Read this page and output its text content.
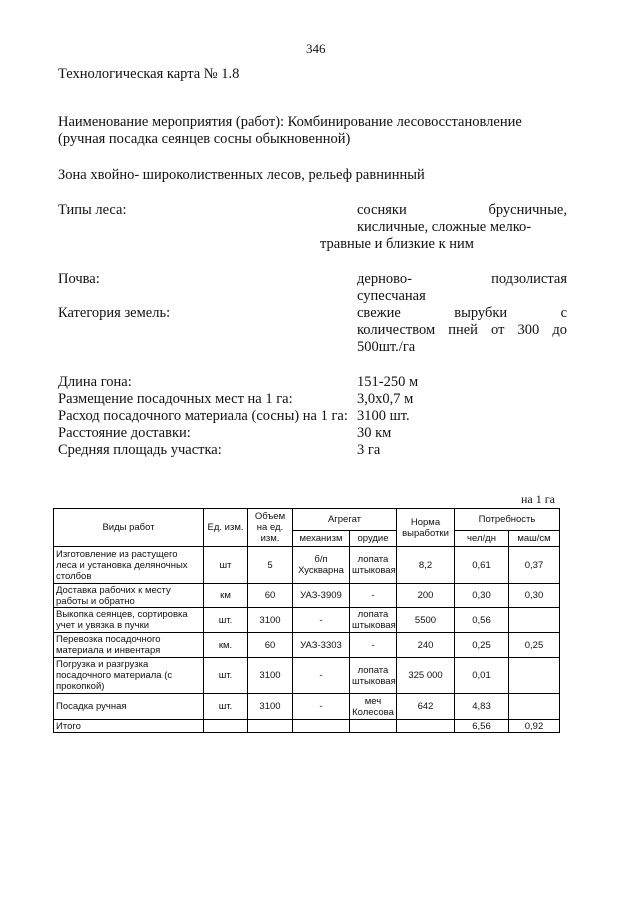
346
Технологическая карта № 1.8
Наименование мероприятия (работ): Комбинирование лесовосстановление
(ручная посадка сеянцев сосны обыкновенной)
Зона хвойно- широколиственных лесов, рельеф равнинный
Типы леса:	сосняки брусничные,
кисличные, сложные мелко-
травные и близкие к ним
Почва:	дерново- подзолистая
супесчаная
Категория земель:	свежие вырубки с
количеством пней от 300 до
500шт./га
Длина гона:	151-250 м
Размещение посадочных мест на 1 га:	3,0х0,7 м
Расход посадочного материала (сосны) на 1 га: 3100 шт.
Расстояние доставки:	30 км
Средняя площадь участка:	3 га
на 1 га
Виды работ	Ед. изм.	Объем на ед. изм.	Агрегат		Норма выработки	Потребность	
			механизм	орудие		чел/дн	маш/см
Изготовление из растущего леса и установка деляночных столбов	шт	5	б/п Хускварна	лопата штыковая	8,2	0,61	0,37
Доставка рабочих к месту работы и обратно	км	60	УАЗ-3909	-	200	0,30	0,30
Выкопка сеянцев, сортировка учет и увязка в пучки	шт.	3100	-	лопата штыковая	5500	0,56	
Перевозка посадочного материала и инвентаря	км.	60	УАЗ-3303	-	240	0,25	0,25
Погрузка и разгрузка посадочного материала (с прокопкой)	шт.	3100	-	лопата штыковая	325 000	0,01	
Посадка ручная	шт.	3100	-	меч Колесова	642	4,83	
Итого						6,56	0,92
